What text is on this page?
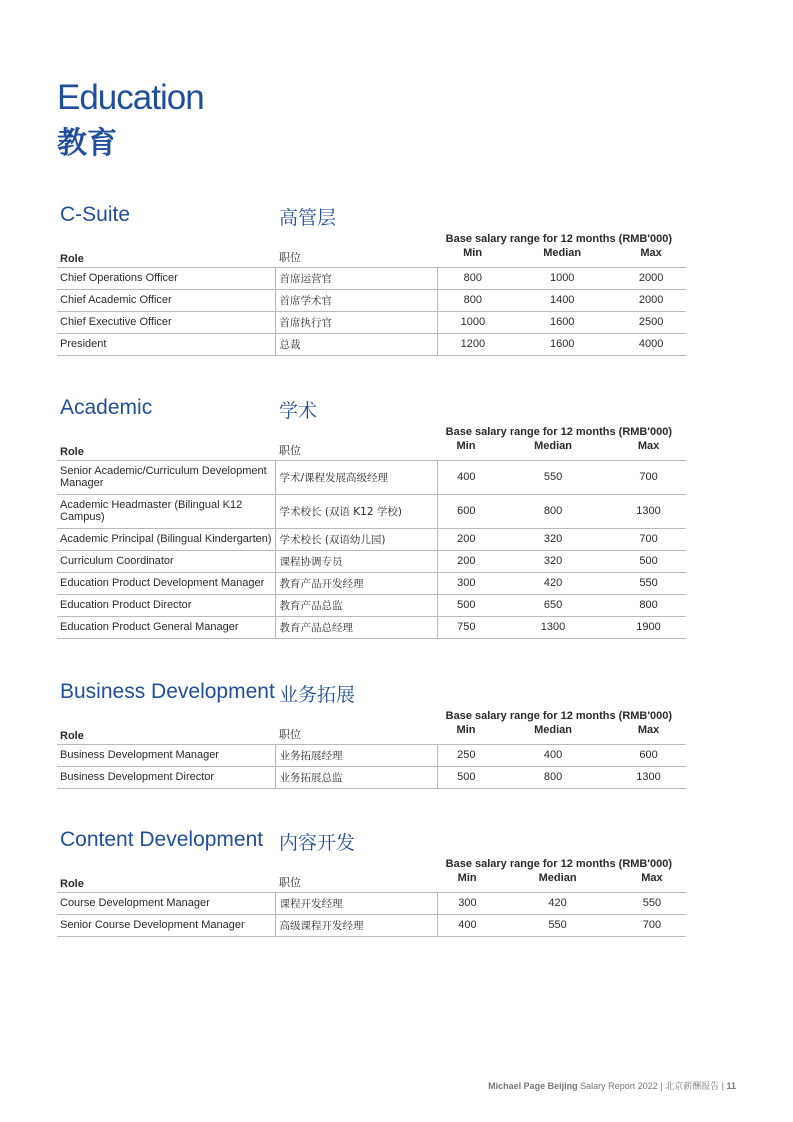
Education
教育
C-Suite	高管层
Base salary range for 12 months (RMB'000)
Role	职位	Min	Median	Max
Chief Operations Officer	首席运营官	800	1000	2000
Chief Academic Officer	首席学术官	800	1400	2000
Chief Executive Officer	首席执行官	1000	1600	2500
President	总裁	1200	1600	4000
Academic	学术
Base salary range for 12 months (RMB'000)
Role	职位	Min	Median	Max
Senior Academic/Curriculum Development Manager	学术/课程发展高级经理	400	550	700
Academic Headmaster (Bilingual K12 Campus)	学术校长 (双语 K12 学校)	600	800	1300
Academic Principal (Bilingual Kindergarten)	学术校长 (双语幼儿园)	200	320	700
Curriculum Coordinator	课程协调专员	200	320	500
Education Product Development Manager	教育产品开发经理	300	420	550
Education Product Director	教育产品总监	500	650	800
Education Product General Manager	教育产品总经理	750	1300	1900
Business Development 业务拓展
Base salary range for 12 months (RMB'000)
Role	职位	Min	Median	Max
Business Development Manager	业务拓展经理	250	400	600
Business Development Director	业务拓展总监	500	800	1300
Content Development 内容开发
Base salary range for 12 months (RMB'000)
Role	职位	Min	Median	Max
Course Development Manager	课程开发经理	300	420	550
Senior Course Development Manager	高级课程开发经理	400	550	700
Michael Page Beijing Salary Report 2022 | 北京薪酬报告 | 11
